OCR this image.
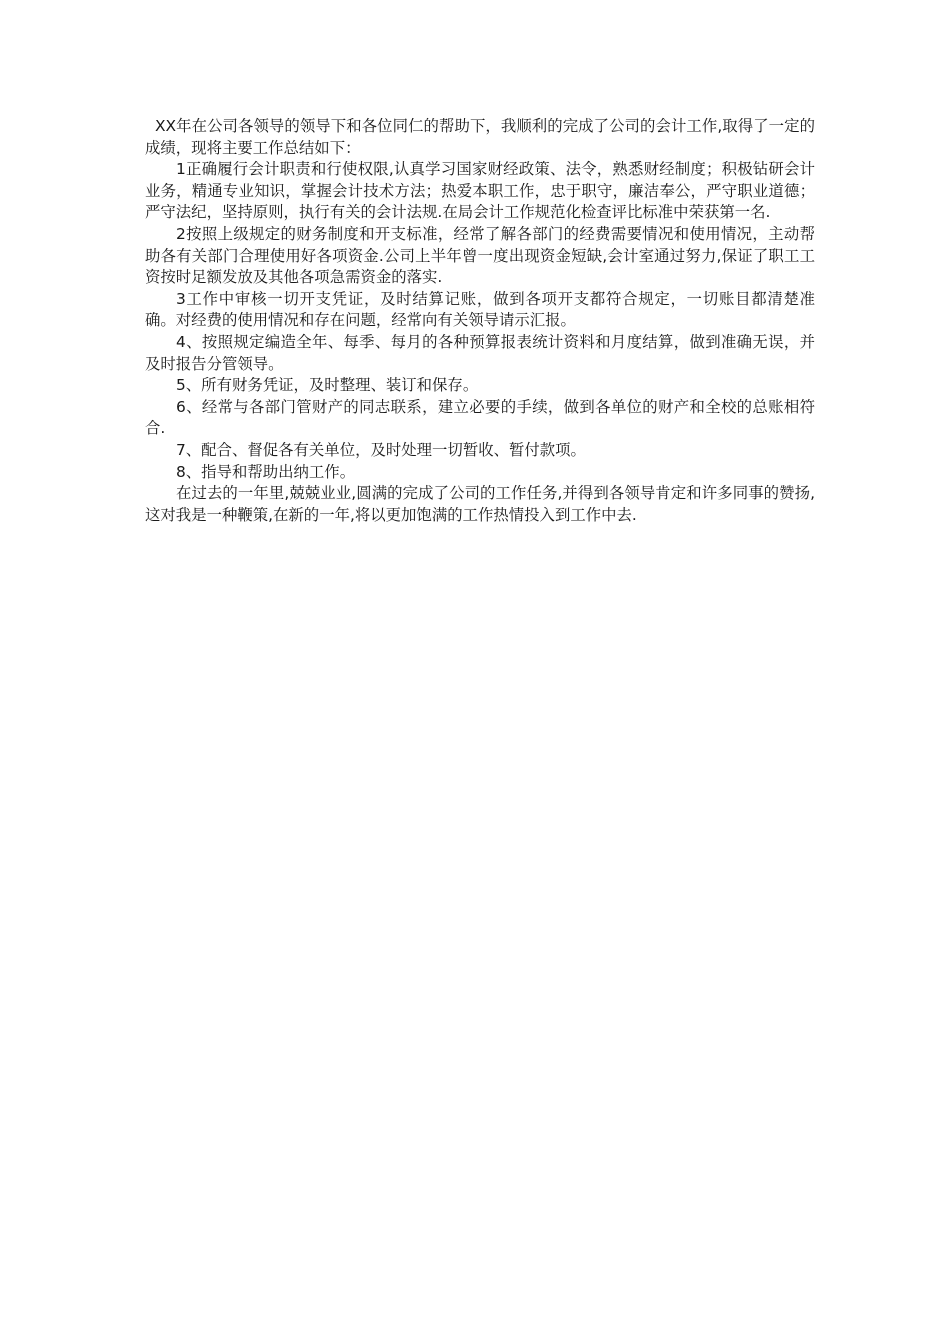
XX年在公司各领导的领导下和各位同仁的帮助下，我顺利的完成了公司的会计工作,取得了一定的成绩，现将主要工作总结如下：

1正确履行会计职责和行使权限,认真学习国家财经政策、法令，熟悉财经制度；积极钻研会计业务，精通专业知识，掌握会计技术方法；热爱本职工作，忠于职守，廉洁奉公，严守职业道德；严守法纪，坚持原则，执行有关的会计法规.在局会计工作规范化检查评比标准中荣获第一名.

2按照上级规定的财务制度和开支标准，经常了解各部门的经费需要情况和使用情况，主动帮助各有关部门合理使用好各项资金.公司上半年曾一度出现资金短缺,会计室通过努力,保证了职工工资按时足额发放及其他各项急需资金的落实.

3工作中审核一切开支凭证，及时结算记账，做到各项开支都符合规定，一切账目都清楚准确。对经费的使用情况和存在问题，经常向有关领导请示汇报。

4、按照规定编造全年、每季、每月的各种预算报表统计资料和月度结算，做到准确无误，并及时报告分管领导。

5、所有财务凭证，及时整理、装订和保存。

6、经常与各部门管财产的同志联系，建立必要的手续，做到各单位的财产和全校的总账相符合.

7、配合、督促各有关单位，及时处理一切暂收、暂付款项。

8、指导和帮助出纳工作。

在过去的一年里,兢兢业业,圆满的完成了公司的工作任务,并得到各领导肯定和许多同事的赞扬,这对我是一种鞭策,在新的一年,将以更加饱满的工作热情投入到工作中去.
